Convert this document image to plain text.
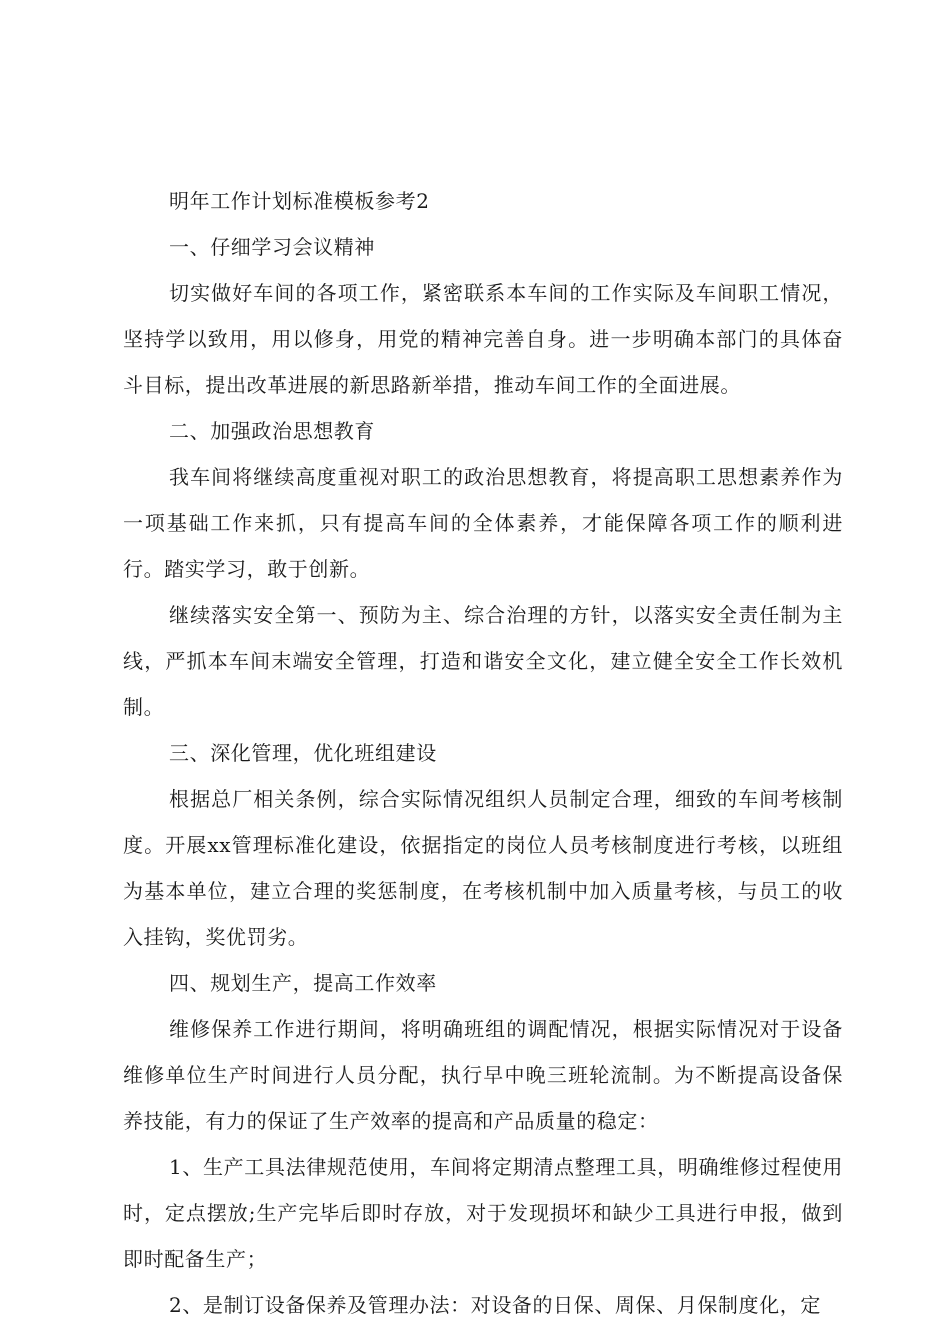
明年工作计划标准模板参考2

一、仔细学习会议精神

切实做好车间的各项工作，紧密联系本车间的工作实际及车间职工情况，坚持学以致用，用以修身，用党的精神完善自身。进一步明确本部门的具体奋斗目标，提出改革进展的新思路新举措，推动车间工作的全面进展。

二、加强政治思想教育

我车间将继续高度重视对职工的政治思想教育，将提高职工思想素养作为一项基础工作来抓，只有提高车间的全体素养，才能保障各项工作的顺利进行。踏实学习，敢于创新。

继续落实安全第一、预防为主、综合治理的方针，以落实安全责任制为主线，严抓本车间末端安全管理，打造和谐安全文化，建立健全安全工作长效机制。

三、深化管理，优化班组建设

根据总厂相关条例，综合实际情况组织人员制定合理，细致的车间考核制度。开展xx管理标准化建设，依据指定的岗位人员考核制度进行考核，以班组为基本单位，建立合理的奖惩制度，在考核机制中加入质量考核，与员工的收入挂钩，奖优罚劣。

四、规划生产，提高工作效率

维修保养工作进行期间，将明确班组的调配情况，根据实际情况对于设备维修单位生产时间进行人员分配，执行早中晚三班轮流制。为不断提高设备保养技能，有力的保证了生产效率的提高和产品质量的稳定：

1、生产工具法律规范使用，车间将定期清点整理工具，明确维修过程使用时，定点摆放;生产完毕后即时存放，对于发现损坏和缺少工具进行申报，做到即时配备生产；

2、是制订设备保养及管理办法：对设备的日保、周保、月保制度化，定
